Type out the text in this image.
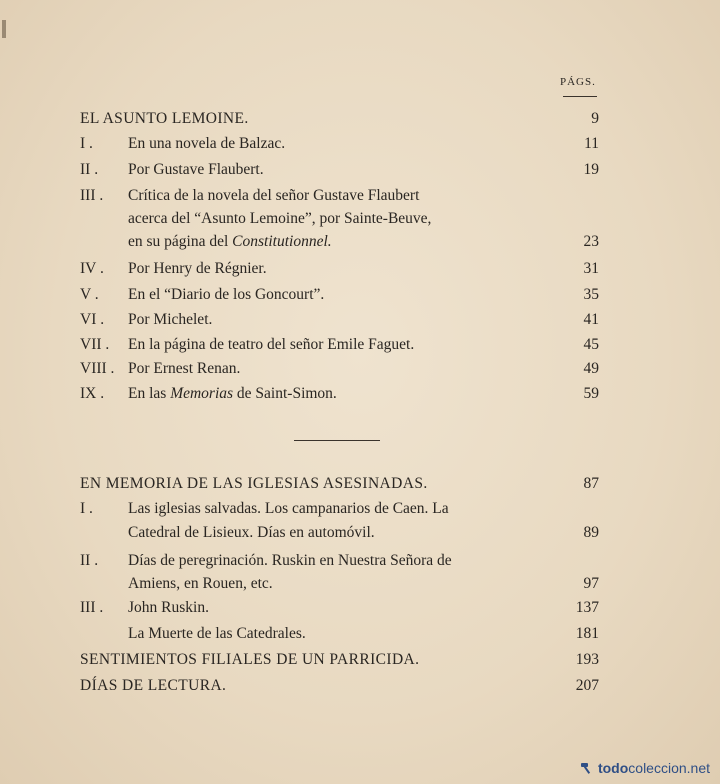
PÁGS.
EL ASUNTO LEMOINE.	9
I .	En una novela de Balzac.	11
II .	Por Gustave Flaubert.	19
III .	Crítica de la novela del señor Gustave Flaubert
acerca del “Asunto Lemoine”, por Sainte-Beuve,
en su página del Constitutionnel.	23
IV .	Por Henry de Régnier.	31
V .	En el “Diario de los Goncourt”.	35
VI .	Por Michelet.	41
VII .	En la página de teatro del señor Emile Faguet.	45
VIII . Por Ernest Renan.	49
IX .	En las Memorias de Saint-Simon.	59
EN MEMORIA DE LAS IGLESIAS ASESINADAS.	87
I .	Las iglesias salvadas. Los campanarios de Caen. La
Catedral de Lisieux. Días en automóvil.	89
II .	Días de peregrinación. Ruskin en Nuestra Señora de
Amiens, en Rouen, etc.	97
III .	John Ruskin.	137
La Muerte de las Catedrales.	181
SENTIMIENTOS FILIALES DE UN PARRICIDA.	193
DÍAS DE LECTURA.	207
todocoleccion.net
